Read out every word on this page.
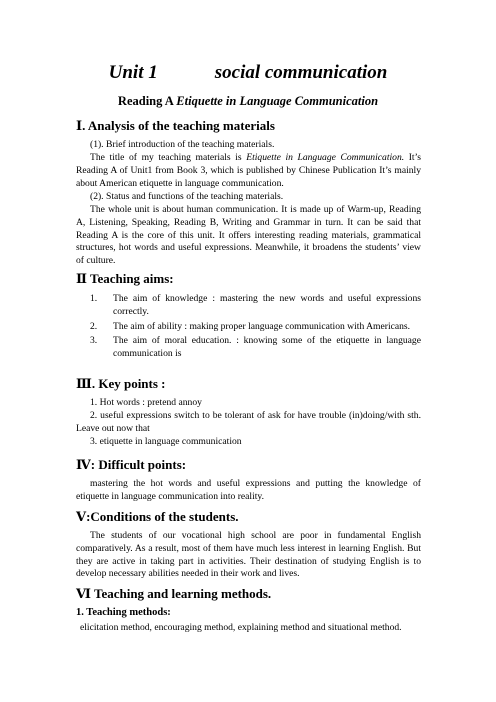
Unit 1            social communication
Reading A Etiquette in Language Communication
Ⅰ. Analysis of the teaching materials
(1). Brief introduction of the teaching materials.
The title of my teaching materials is Etiquette in Language Communication. It’s Reading A of Unit1 from Book 3, which is published by Chinese Publication It’s mainly about American etiquette in language communication.
(2). Status and functions of the teaching materials.
The whole unit is about human communication. It is made up of Warm-up, Reading A, Listening, Speaking, Reading B, Writing and Grammar in turn. It can be said that Reading A is the core of this unit. It offers interesting reading materials, grammatical structures, hot words and useful expressions. Meanwhile, it broadens the students’ view of culture.
Ⅱ Teaching aims:
1.	The aim of knowledge : mastering the new words and useful expressions correctly.
2.	The aim of ability : making proper language communication with Americans.
3.	The aim of moral education. : knowing some of the etiquette in language communication is
Ⅲ. Key points :
1. Hot words : pretend annoy
2. useful expressions switch to be tolerant of ask for have trouble (in)doing/with sth. Leave out now that
3. etiquette in language communication
Ⅳ: Difficult points:
mastering the hot words and useful expressions and putting the knowledge of etiquette in language communication into reality.
Ⅴ:Conditions of the students.
The students of our vocational high school are poor in fundamental English comparatively. As a result, most of them have much less interest in learning English. But they are active in taking part in activities. Their destination of studying English is to develop necessary abilities needed in their work and lives.
Ⅵ Teaching and learning methods.
1. Teaching methods:
elicitation method, encouraging method, explaining method and situational method.
